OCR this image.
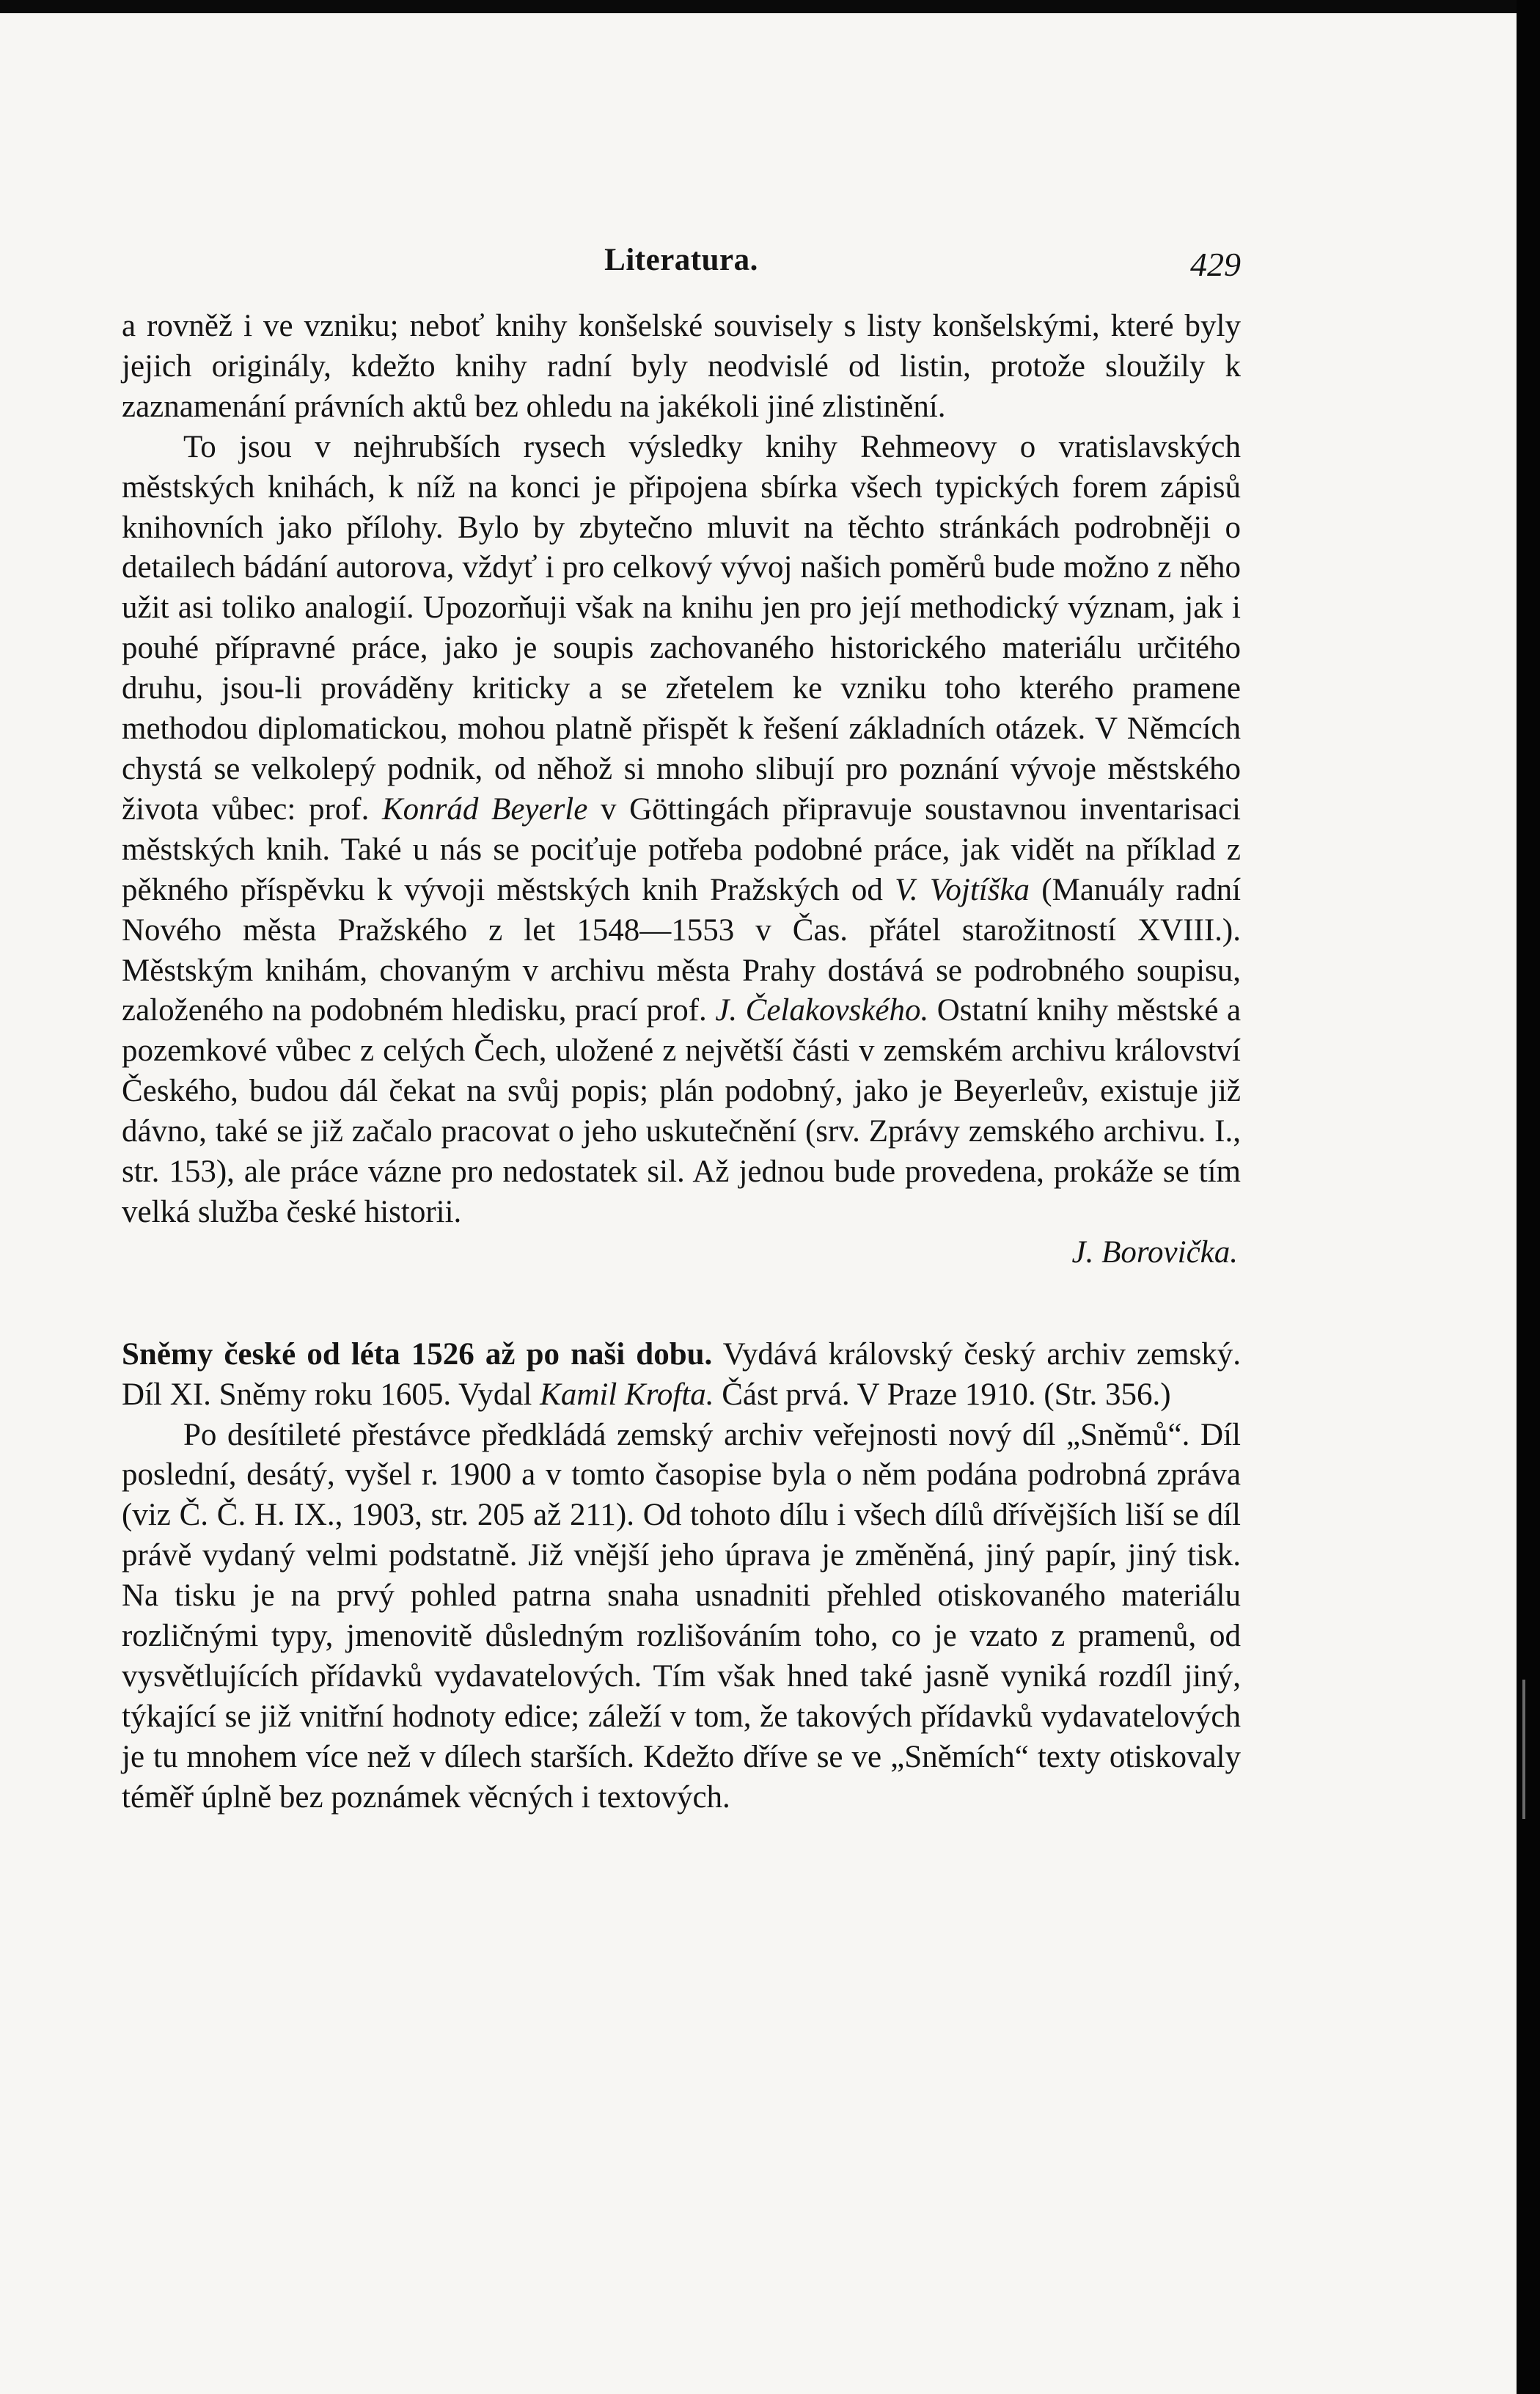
Literatura.	429

a rovněž i ve vzniku; neboť knihy konšelské souvisely s listy konšelskými, které byly jejich originály, kdežto knihy radní byly neodvislé od listin, protože sloužily k zaznamenání právních aktů bez ohledu na jakékoli jiné zlistinění.

To jsou v nejhrubších rysech výsledky knihy Rehmeovy o vratislavských městských knihách, k níž na konci je připojena sbírka všech typických forem zápisů knihovních jako přílohy. Bylo by zbytečno mluvit na těchto stránkách podrobněji o detailech bádání autorova, vždyť i pro celkový vývoj našich poměrů bude možno z něho užit asi toliko analogií. Upozorňuji však na knihu jen pro její methodický význam, jak i pouhé přípravné práce, jako je soupis zachovaného historického materiálu určitého druhu, jsou-li prováděny kriticky a se zřetelem ke vzniku toho kterého pramene methodou diplomatickou, mohou platně přispět k řešení základních otázek. V Němcích chystá se velkolepý podnik, od něhož si mnoho slibují pro poznání vývoje městského života vůbec: prof. Konrád Beyerle v Göttingách připravuje soustavnou inventarisaci městských knih. Také u nás se pociťuje potřeba podobné práce, jak vidět na příklad z pěkného příspěvku k vývoji městských knih Pražských od V. Vojtíška (Manuály radní Nového města Pražského z let 1548—1553 v Čas. přátel starožitností XVIII.). Městským knihám, chovaným v archivu města Prahy dostává se podrobného soupisu, založeného na podobném hledisku, prací prof. J. Čelakovského. Ostatní knihy městské a pozemkové vůbec z celých Čech, uložené z největší části v zemském archivu království Českého, budou dál čekat na svůj popis; plán podobný, jako je Beyerleův, existuje již dávno, také se již začalo pracovat o jeho uskutečnění (srv. Zprávy zemského archivu. I., str. 153), ale práce vázne pro nedostatek sil. Až jednou bude provedena, prokáže se tím velká služba české historii.

J. Borovička.

Sněmy české od léta 1526 až po naši dobu. Vydává královský český archiv zemský. Díl XI. Sněmy roku 1605. Vydal Kamil Krofta. Část prvá. V Praze 1910. (Str. 356.)

Po desítileté přestávce předkládá zemský archiv veřejnosti nový díl „Sněmů“. Díl poslední, desátý, vyšel r. 1900 a v tomto časopise byla o něm podána podrobná zpráva (viz Č. Č. H. IX., 1903, str. 205 až 211). Od tohoto dílu i všech dílů dřívějších liší se díl právě vydaný velmi podstatně. Již vnější jeho úprava je změněná, jiný papír, jiný tisk. Na tisku je na prvý pohled patrna snaha usnadniti přehled otiskovaného materiálu rozličnými typy, jmenovitě důsledným rozlišováním toho, co je vzato z pramenů, od vysvětlujících přídavků vydavatelových. Tím však hned také jasně vyniká rozdíl jiný, týkající se již vnitřní hodnoty edice; záleží v tom, že takových přídavků vydavatelových je tu mnohem více než v dílech starších. Kdežto dříve se ve „Sněmích“ texty otiskovaly téměř úplně bez poznámek věcných i textových.
